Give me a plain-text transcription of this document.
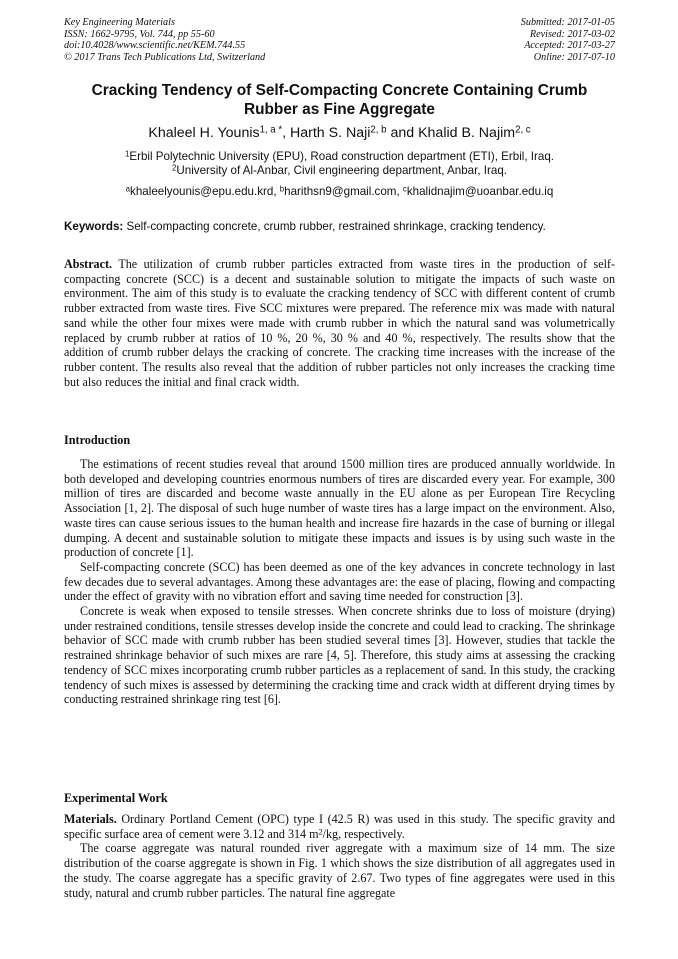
Key Engineering Materials
ISSN: 1662-9795, Vol. 744, pp 55-60
doi:10.4028/www.scientific.net/KEM.744.55
© 2017 Trans Tech Publications Ltd, Switzerland
Submitted: 2017-01-05
Revised: 2017-03-02
Accepted: 2017-03-27
Online: 2017-07-10
Cracking Tendency of Self-Compacting Concrete Containing Crumb Rubber as Fine Aggregate
Khaleel H. Younis$^{1, a *}$, Harth S. Naji$^{2, b}$ and Khalid B. Najim$^{2, c}$
$^1$Erbil Polytechnic University (EPU), Road construction department (ETI), Erbil, Iraq.
$^2$University of Al-Anbar, Civil engineering department, Anbar, Iraq.
$^a$khaleelyounis@epu.edu.krd, $^b$harithsn9@gmail.com, $^c$khalidnajim@uoanbar.edu.iq
Keywords: Self-compacting concrete, crumb rubber, restrained shrinkage, cracking tendency.

Abstract. The utilization of crumb rubber particles extracted from waste tires in the production of self-compacting concrete (SCC) is a decent and sustainable solution to mitigate the impacts of such waste on environment. The aim of this study is to evaluate the cracking tendency of SCC with different content of crumb rubber extracted from waste tires. Five SCC mixtures were prepared. The reference mix was made with natural sand while the other four mixes were made with crumb rubber in which the natural sand was volumetrically replaced by crumb rubber at ratios of 10 %, 20 %, 30 % and 40 %, respectively. The results show that the addition of crumb rubber delays the cracking of concrete. The cracking time increases with the increase of the rubber content. The results also reveal that the addition of rubber particles not only increases the cracking time but also reduces the initial and final crack width.

Introduction

The estimations of recent studies reveal that around 1500 million tires are produced annually worldwide. In both developed and developing countries enormous numbers of tires are discarded every year. For example, 300 million of tires are discarded and become waste annually in the EU alone as per European Tire Recycling Association [1, 2]. The disposal of such huge number of waste tires has a large impact on the environment. Also, waste tires can cause serious issues to the human health and increase fire hazards in the case of burning or illegal dumping. A decent and sustainable solution to mitigate these impacts and issues is by using such waste in the production of concrete [1].

Self-compacting concrete (SCC) has been deemed as one of the key advances in concrete technology in last few decades due to several advantages. Among these advantages are: the ease of placing, flowing and compacting under the effect of gravity with no vibration effort and saving time needed for construction [3].

Concrete is weak when exposed to tensile stresses. When concrete shrinks due to loss of moisture (drying) under restrained conditions, tensile stresses develop inside the concrete and could lead to cracking. The shrinkage behavior of SCC made with crumb rubber has been studied several times [3]. However, studies that tackle the restrained shrinkage behavior of such mixes are rare [4, 5]. Therefore, this study aims at assessing the cracking tendency of SCC mixes incorporating crumb rubber particles as a replacement of sand. In this study, the cracking tendency of such mixes is assessed by determining the cracking time and crack width at different drying times by conducting restrained shrinkage ring test [6].

Experimental Work

Materials. Ordinary Portland Cement (OPC) type I (42.5 R) was used in this study. The specific gravity and specific surface area of cement were 3.12 and 314 $m^2/kg$, respectively.

The coarse aggregate was natural rounded river aggregate with a maximum size of 14 mm. The size distribution of the coarse aggregate is shown in Fig. 1 which shows the size distribution of all aggregates used in the study. The coarse aggregate has a specific gravity of 2.67. Two types of fine aggregates were used in this study, natural and crumb rubber particles. The natural fine aggregate
